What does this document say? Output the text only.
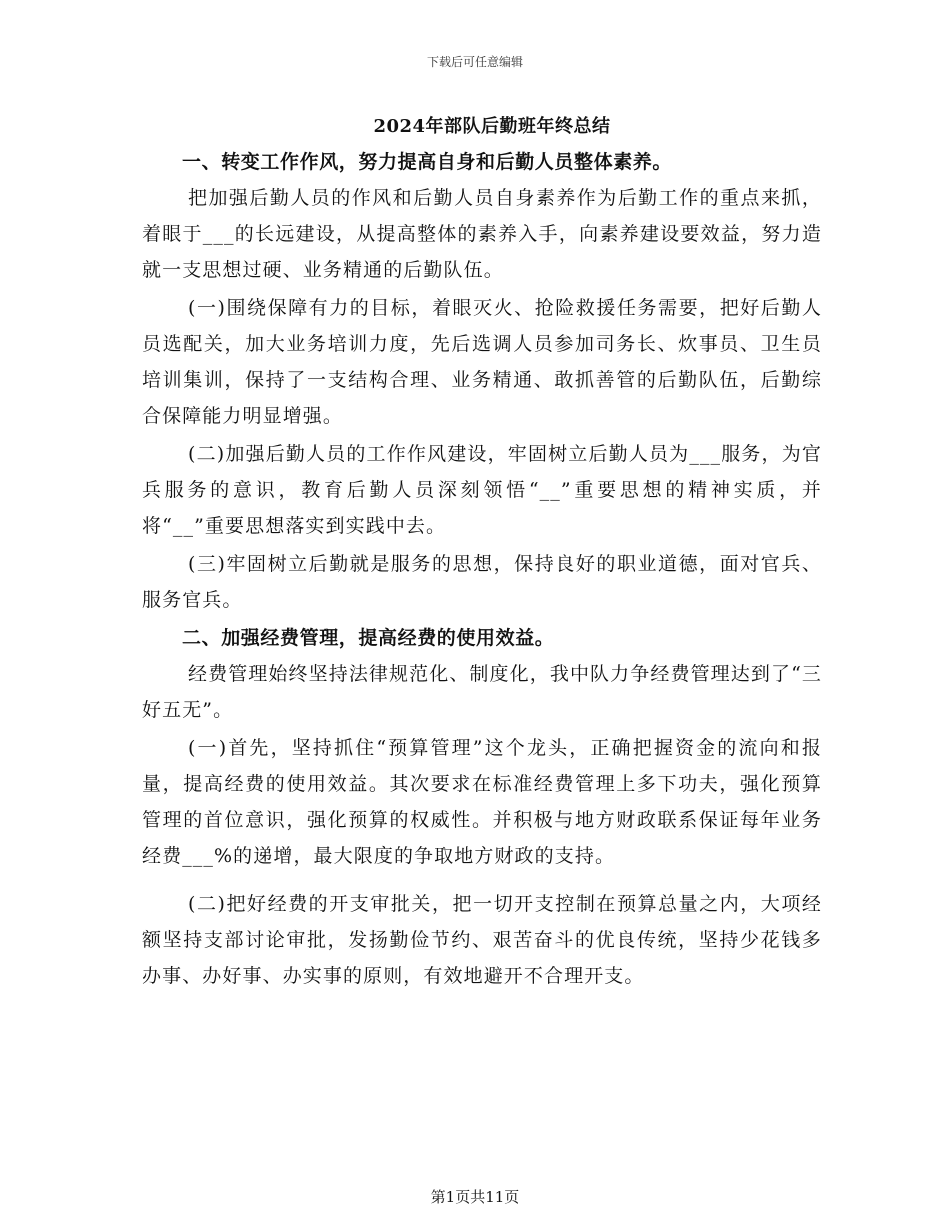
下载后可任意编辑
2024年部队后勤班年终总结

一、转变工作作风，努力提高自身和后勤人员整体素养。

把加强后勤人员的作风和后勤人员自身素养作为后勤工作的重点来抓，着眼于___的长远建设，从提高整体的素养入手，向素养建设要效益，努力造就一支思想过硬、业务精通的后勤队伍。

(一)围绕保障有力的目标，着眼灭火、抢险救援任务需要，把好后勤人员选配关，加大业务培训力度，先后选调人员参加司务长、炊事员、卫生员培训集训，保持了一支结构合理、业务精通、敢抓善管的后勤队伍，后勤综合保障能力明显增强。

(二)加强后勤人员的工作作风建设，牢固树立后勤人员为___服务，为官兵服务的意识，教育后勤人员深刻领悟“__”重要思想的精神实质，并将“__”重要思想落实到实践中去。

(三)牢固树立后勤就是服务的思想，保持良好的职业道德，面对官兵、服务官兵。

二、加强经费管理，提高经费的使用效益。

经费管理始终坚持法律规范化、制度化，我中队力争经费管理达到了“三好五无”。

(一)首先，坚持抓住“预算管理”这个龙头，正确把握资金的流向和报量，提高经费的使用效益。其次要求在标准经费管理上多下功夫，强化预算管理的首位意识，强化预算的权威性。并积极与地方财政联系保证每年业务经费___%的递增，最大限度的争取地方财政的支持。

(二)把好经费的开支审批关，把一切开支控制在预算总量之内，大项经额坚持支部讨论审批，发扬勤俭节约、艰苦奋斗的优良传统，坚持少花钱多办事、办好事、办实事的原则，有效地避开不合理开支。

第1页共11页
